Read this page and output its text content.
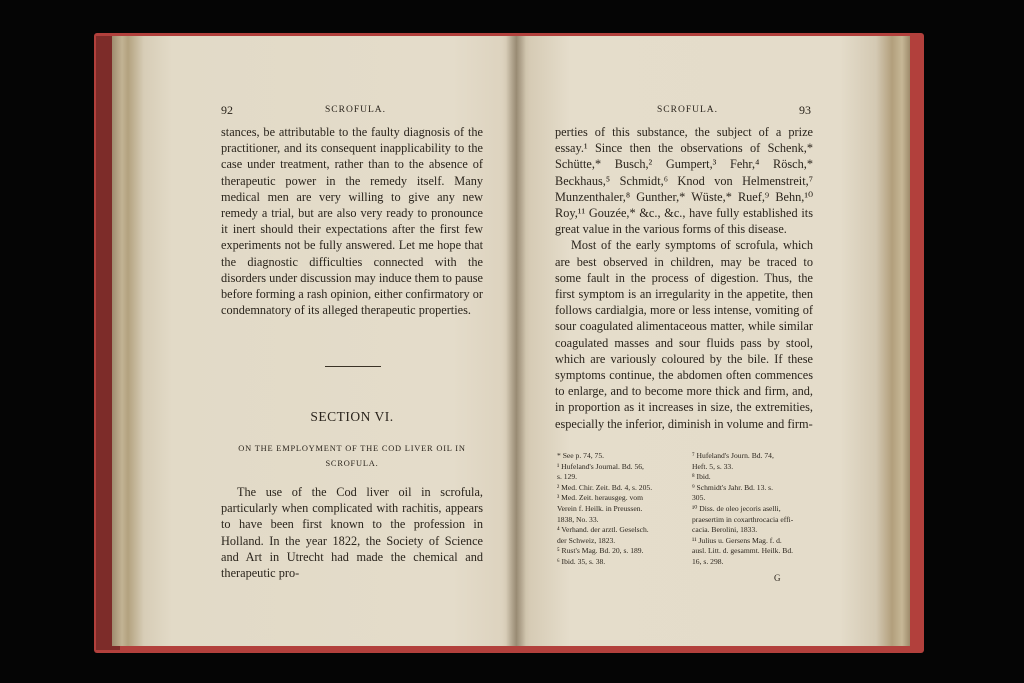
92	SCROFULA.

stances, be attributable to the faulty diagnosis of the practitioner, and its consequent inapplicability to the case under treatment, rather than to the absence of therapeutic power in the remedy itself. Many medical men are very willing to give any new remedy a trial, but are also very ready to pronounce it inert should their expectations after the first few experiments not be fully answered. Let me hope that the diagnostic difficulties connected with the disorders under discussion may induce them to pause before forming a rash opinion, either confirmatory or condemnatory of its alleged therapeutic properties.

SECTION VI.
ON THE EMPLOYMENT OF THE COD LIVER OIL IN SCROFULA.

The use of the Cod liver oil in scrofula, particularly when complicated with rachitis, appears to have been first known to the profession in Holland. In the year 1822, the Society of Science and Art in Utrecht had made the chemical and therapeutic pro-

SCROFULA.	93

perties of this substance, the subject of a prize essay.¹ Since then the observations of Schenk,* Schütte,* Busch,² Gumpert,³ Fehr,⁴ Rösch,* Beckhaus,⁵ Schmidt,⁶ Knod von Helmenstreit,⁷ Munzenthaler,⁸ Gunther,* Wüste,* Ruef,⁹ Behn,¹⁰ Roy,¹¹ Gouzée,* &c., &c., have fully established its great value in the various forms of this disease.

Most of the early symptoms of scrofula, which are best observed in children, may be traced to some fault in the process of digestion. Thus, the first symptom is an irregularity in the appetite, then follows cardialgia, more or less intense, vomiting of sour coagulated alimentaceous matter, while similar coagulated masses and sour fluids pass by stool, which are variously coloured by the bile. If these symptoms continue, the abdomen often commences to enlarge, and to become more thick and firm, and, in proportion as it increases in size, the extremities, especially the inferior, diminish in volume and firm-

* See p. 74, 75.
¹ Hufeland's Journal. Bd. 56,
s. 129.
² Med. Chir. Zeit. Bd. 4, s. 205.
³ Med. Zeit. herausgeg. vom
Verein f. Heilk. in Preussen.
1838, No. 33.
⁴ Verhand. der arztl. Geselsch.
der Schweiz, 1823.
⁵ Rust's Mag. Bd. 20, s. 189.
⁶ Ibid. 35, s. 38.
⁷ Hufeland's Journ. Bd. 74,
Heft. 5, s. 33.
⁸ Ibid.
⁹ Schmidt's Jahr. Bd. 13. s.
305.
¹⁰ Diss. de oleo jecoris aselli,
praesertim in coxarthrocacia effi-
cacia. Berolini, 1833.
¹¹ Julius u. Gersens Mag. f. d.
ausl. Litt. d. gesammt. Heilk. Bd.
16, s. 298.
G
